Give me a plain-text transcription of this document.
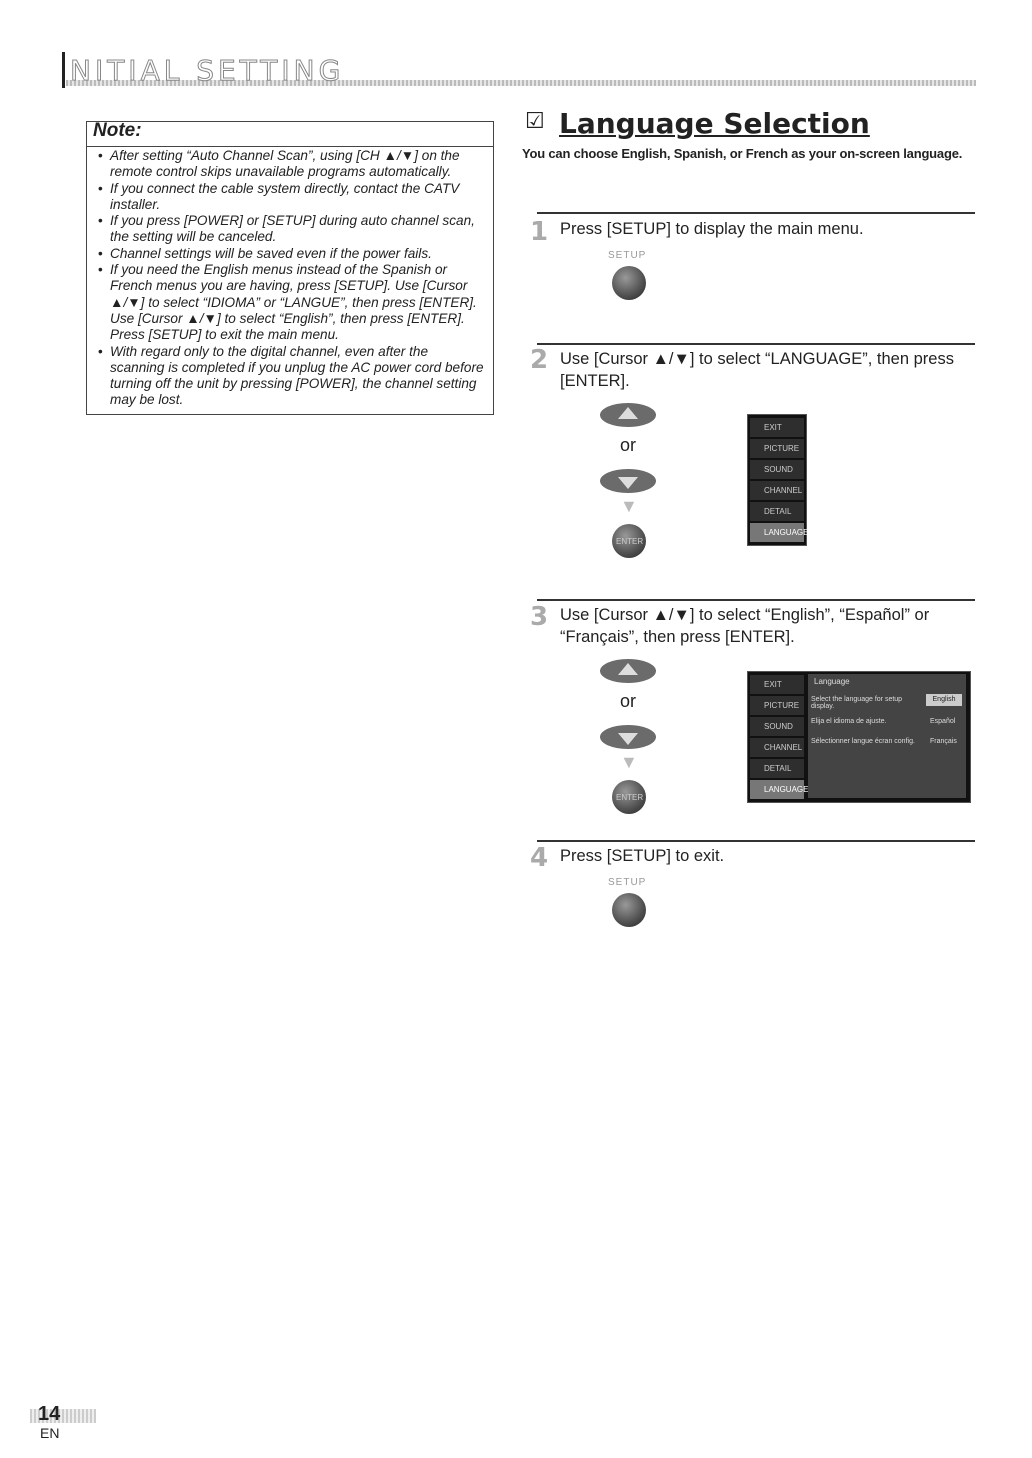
NITIAL SETTING
Note:
• After setting “Auto Channel Scan”, using [CH ▲/▼] on the remote control skips unavailable programs automatically.
• If you connect the cable system directly, contact the CATV installer.
• If you press [POWER] or [SETUP] during auto channel scan, the setting will be canceled.
• Channel settings will be saved even if the power fails.
• If you need the English menus instead of the Spanish or French menus you are having, press [SETUP]. Use [Cursor ▲/▼] to select “IDIOMA” or “LANGUE”, then press [ENTER]. Use [Cursor ▲/▼] to select “English”, then press [ENTER]. Press [SETUP] to exit the main menu.
• With regard only to the digital channel, even after the scanning is completed if you unplug the AC power cord before turning off the unit by pressing [POWER], the channel setting may be lost.
☑ Language Selection
You can choose English, Spanish, or French as your on-screen language.
1 Press [SETUP] to display the main menu.
SETUP
2 Use [Cursor ▲/▼] to select “LANGUAGE”, then press [ENTER].
or
▼
ENTER
EXIT
PICTURE
SOUND
CHANNEL
DETAIL
LANGUAGE
3 Use [Cursor ▲/▼] to select “English”, “Español” or “Français”, then press [ENTER].
or
▼
ENTER
EXIT
PICTURE
SOUND
CHANNEL
DETAIL
LANGUAGE
Language
Select the language for setup display.
English
Elija el idioma de ajuste.	Español
Sélectionner langue écran config.	Français
4 Press [SETUP] to exit.
SETUP
14
EN
